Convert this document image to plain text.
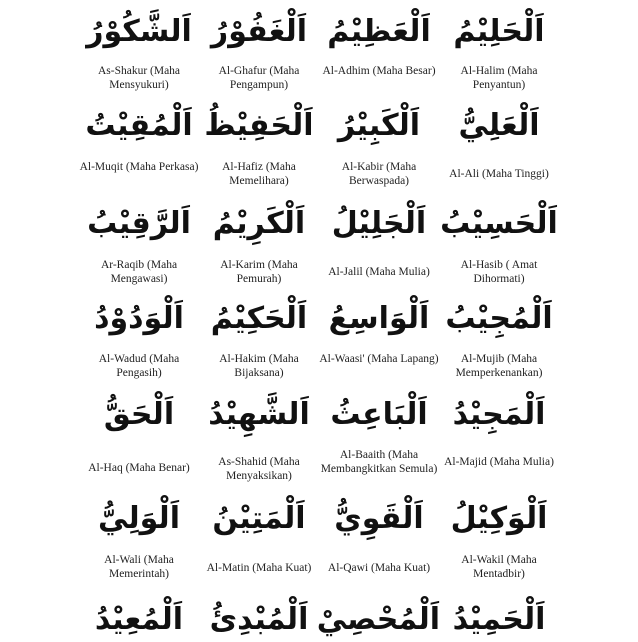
اَلشَّكُوْرُ
As-Shakur (Maha Mensyukuri)
اَلْغَفُوْرُ
Al-Ghafur (Maha Pengampun)
اَلْعَظِيْمُ
Al-Adhim (Maha Besar)
اَلْحَلِيْمُ
Al-Halim (Maha Penyantun)
اَلْمُقِيْتُ
Al-Muqit (Maha Perkasa)
اَلْحَفِيْظُ
Al-Hafiz (Maha Memelihara)
اَلْكَبِيْرُ
Al-Kabir (Maha Berwaspada)
اَلْعَلِيُّ
Al-Ali (Maha Tinggi)
اَلرَّقِيْبُ
Ar-Raqib (Maha Mengawasi)
اَلْكَرِيْمُ
Al-Karim (Maha Pemurah)
اَلْجَلِيْلُ
Al-Jalil (Maha Mulia)
اَلْحَسِيْبُ
Al-Hasib ( Amat Dihormati)
اَلْوَدُوْدُ
Al-Wadud (Maha Pengasih)
اَلْحَكِيْمُ
Al-Hakim (Maha Bijaksana)
اَلْوَاسِعُ
Al-Waasi' (Maha Lapang)
اَلْمُجِيْبُ
Al-Mujib (Maha Memperkenankan)
اَلْحَقُّ
Al-Haq (Maha Benar)
اَلشَّهِيْدُ
As-Shahid (Maha Menyaksikan)
اَلْبَاعِثُ
Al-Baaith (Maha Membangkitkan Semula)
اَلْمَجِيْدُ
Al-Majid (Maha Mulia)
اَلْوَلِيُّ
Al-Wali (Maha Memerintah)
اَلْمَتِيْنُ
Al-Matin (Maha Kuat)
اَلْقَوِيُّ
Al-Qawi (Maha Kuat)
اَلْوَكِيْلُ
Al-Wakil (Maha Mentadbir)
اَلْمُعِيْدُ اَلْمُبْدِئُ اَلْمُحْصِيْ اَلْحَمِيْدُ
